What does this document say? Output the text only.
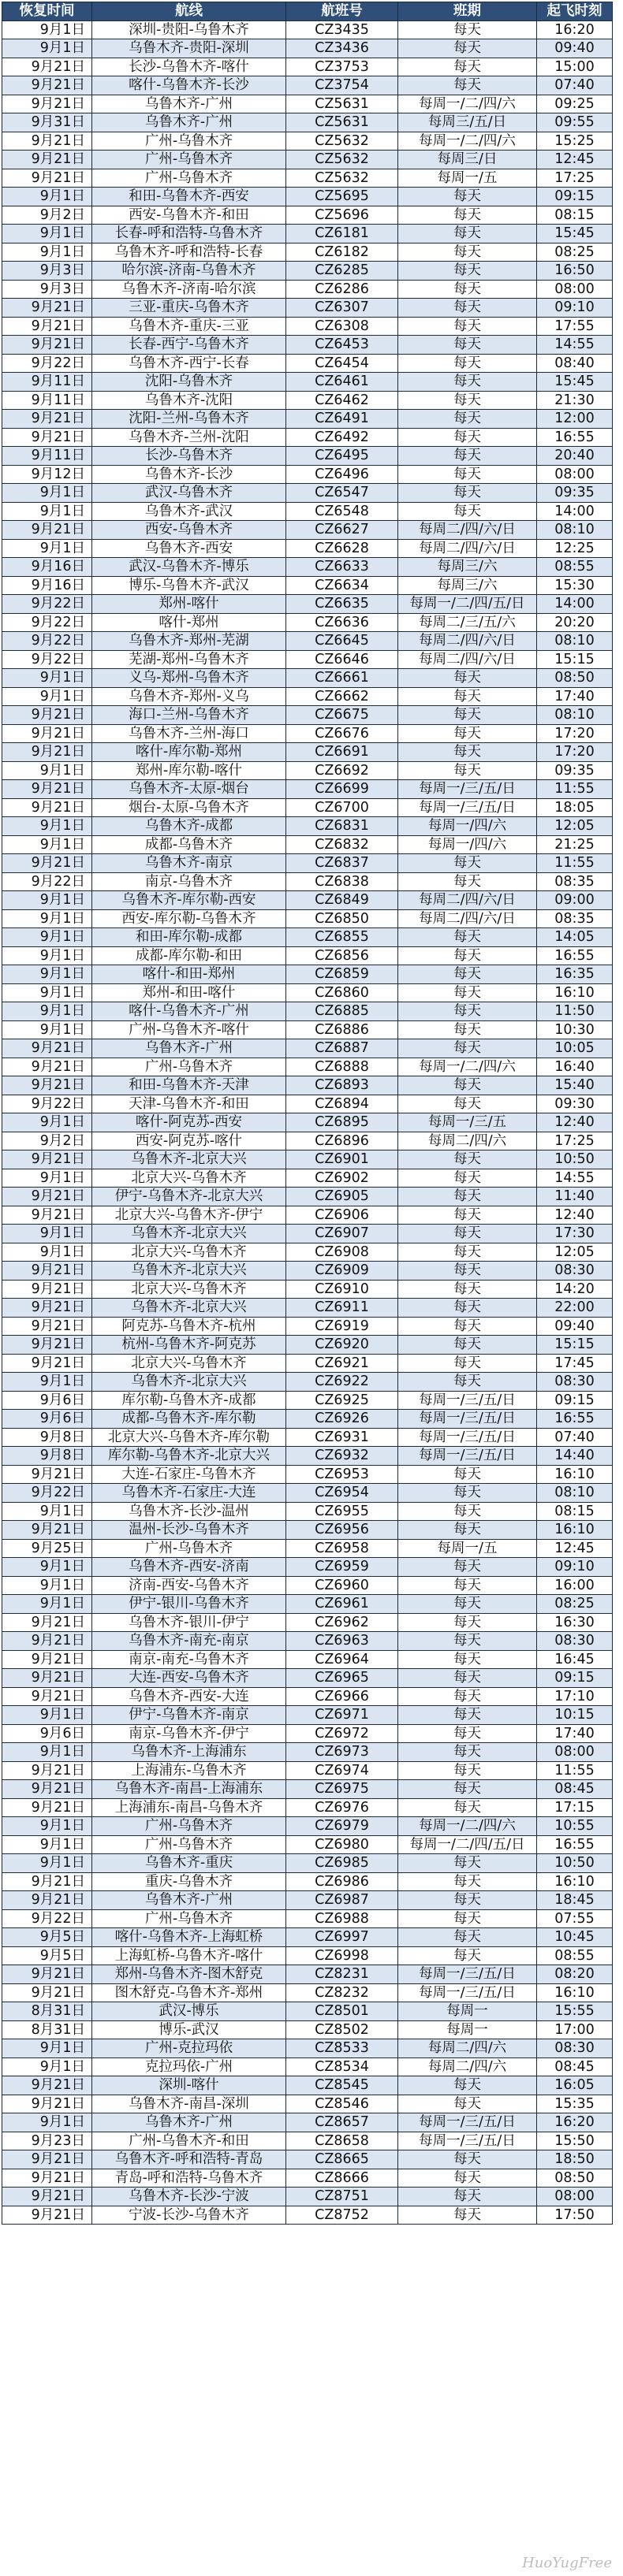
恢复时间	航线	航班号	班期	起飞时刻
9月1日	深圳-贵阳-乌鲁木齐	CZ3435	每天	16:20
9月1日	乌鲁木齐-贵阳-深圳	CZ3436	每天	09:40
9月21日	长沙-乌鲁木齐-喀什	CZ3753	每天	15:00
9月21日	喀什-乌鲁木齐-长沙	CZ3754	每天	07:40
9月21日	乌鲁木齐-广州	CZ5631	每周一/二/四/六	09:25
9月31日	乌鲁木齐-广州	CZ5631	每周三/五/日	09:55
9月21日	广州-乌鲁木齐	CZ5632	每周一/二/四/六	15:25
9月21日	广州-乌鲁木齐	CZ5632	每周三/日	12:45
9月21日	广州-乌鲁木齐	CZ5632	每周一/五	17:25
9月1日	和田-乌鲁木齐-西安	CZ5695	每天	09:15
9月2日	西安-乌鲁木齐-和田	CZ5696	每天	08:15
9月1日	长春-呼和浩特-乌鲁木齐	CZ6181	每天	15:45
9月1日	乌鲁木齐-呼和浩特-长春	CZ6182	每天	08:25
9月3日	哈尔滨-济南-乌鲁木齐	CZ6285	每天	16:50
9月3日	乌鲁木齐-济南-哈尔滨	CZ6286	每天	08:00
9月21日	三亚-重庆-乌鲁木齐	CZ6307	每天	09:10
9月21日	乌鲁木齐-重庆-三亚	CZ6308	每天	17:55
9月21日	长春-西宁-乌鲁木齐	CZ6453	每天	14:55
9月22日	乌鲁木齐-西宁-长春	CZ6454	每天	08:40
9月11日	沈阳-乌鲁木齐	CZ6461	每天	15:45
9月11日	乌鲁木齐-沈阳	CZ6462	每天	21:30
9月21日	沈阳-兰州-乌鲁木齐	CZ6491	每天	12:00
9月21日	乌鲁木齐-兰州-沈阳	CZ6492	每天	16:55
9月11日	长沙-乌鲁木齐	CZ6495	每天	20:40
9月12日	乌鲁木齐-长沙	CZ6496	每天	08:00
9月1日	武汉-乌鲁木齐	CZ6547	每天	09:35
9月1日	乌鲁木齐-武汉	CZ6548	每天	14:00
9月21日	西安-乌鲁木齐	CZ6627	每周二/四/六/日	08:10
9月1日	乌鲁木齐-西安	CZ6628	每周二/四/六/日	12:25
9月16日	武汉-乌鲁木齐-博乐	CZ6633	每周三/六	08:55
9月16日	博乐-乌鲁木齐-武汉	CZ6634	每周三/六	15:30
9月22日	郑州-喀什	CZ6635	每周一/二/四/五/日	14:00
9月22日	喀什-郑州	CZ6636	每周二/三/五/六	20:20
9月22日	乌鲁木齐-郑州-芜湖	CZ6645	每周二/四/六/日	08:10
9月22日	芜湖-郑州-乌鲁木齐	CZ6646	每周二/四/六/日	15:15
9月1日	义乌-郑州-乌鲁木齐	CZ6661	每天	08:50
9月1日	乌鲁木齐-郑州-义乌	CZ6662	每天	17:40
9月21日	海口-兰州-乌鲁木齐	CZ6675	每天	08:10
9月21日	乌鲁木齐-兰州-海口	CZ6676	每天	17:20
9月21日	喀什-库尔勒-郑州	CZ6691	每天	17:20
9月1日	郑州-库尔勒-喀什	CZ6692	每天	09:35
9月21日	乌鲁木齐-太原-烟台	CZ6699	每周一/三/五/日	11:55
9月21日	烟台-太原-乌鲁木齐	CZ6700	每周一/三/五/日	18:05
9月1日	乌鲁木齐-成都	CZ6831	每周一/四/六	12:05
9月1日	成都-乌鲁木齐	CZ6832	每周一/四/六	21:25
9月21日	乌鲁木齐-南京	CZ6837	每天	11:55
9月22日	南京-乌鲁木齐	CZ6838	每天	08:35
9月1日	乌鲁木齐-库尔勒-西安	CZ6849	每周二/四/六/日	09:00
9月1日	西安-库尔勒-乌鲁木齐	CZ6850	每周二/四/六/日	08:35
9月1日	和田-库尔勒-成都	CZ6855	每天	14:05
9月1日	成都-库尔勒-和田	CZ6856	每天	16:55
9月1日	喀什-和田-郑州	CZ6859	每天	16:35
9月1日	郑州-和田-喀什	CZ6860	每天	16:10
9月1日	喀什-乌鲁木齐-广州	CZ6885	每天	11:50
9月1日	广州-乌鲁木齐-喀什	CZ6886	每天	10:30
9月21日	乌鲁木齐-广州	CZ6887	每天	10:05
9月21日	广州-乌鲁木齐	CZ6888	每周一/二/四/六	16:40
9月21日	和田-乌鲁木齐-天津	CZ6893	每天	15:40
9月22日	天津-乌鲁木齐-和田	CZ6894	每天	09:30
9月1日	喀什-阿克苏-西安	CZ6895	每周一/三/五	12:40
9月2日	西安-阿克苏-喀什	CZ6896	每周二/四/六	17:25
9月21日	乌鲁木齐-北京大兴	CZ6901	每天	10:50
9月1日	北京大兴-乌鲁木齐	CZ6902	每天	14:55
9月21日	伊宁-乌鲁木齐-北京大兴	CZ6905	每天	11:40
9月21日	北京大兴-乌鲁木齐-伊宁	CZ6906	每天	12:40
9月1日	乌鲁木齐-北京大兴	CZ6907	每天	17:30
9月1日	北京大兴-乌鲁木齐	CZ6908	每天	12:05
9月21日	乌鲁木齐-北京大兴	CZ6909	每天	08:30
9月21日	北京大兴-乌鲁木齐	CZ6910	每天	14:20
9月21日	乌鲁木齐-北京大兴	CZ6911	每天	22:00
9月21日	阿克苏-乌鲁木齐-杭州	CZ6919	每天	09:40
9月21日	杭州-乌鲁木齐-阿克苏	CZ6920	每天	15:15
9月21日	北京大兴-乌鲁木齐	CZ6921	每天	17:45
9月1日	乌鲁木齐-北京大兴	CZ6922	每天	08:30
9月6日	库尔勒-乌鲁木齐-成都	CZ6925	每周一/三/五/日	09:15
9月6日	成都-乌鲁木齐-库尔勒	CZ6926	每周一/三/五/日	16:55
9月8日	北京大兴-乌鲁木齐-库尔勒	CZ6931	每周一/三/五/日	07:40
9月8日	库尔勒-乌鲁木齐-北京大兴	CZ6932	每周一/三/五/日	14:40
9月21日	大连-石家庄-乌鲁木齐	CZ6953	每天	16:10
9月22日	乌鲁木齐-石家庄-大连	CZ6954	每天	08:10
9月1日	乌鲁木齐-长沙-温州	CZ6955	每天	08:15
9月21日	温州-长沙-乌鲁木齐	CZ6956	每天	16:10
9月25日	广州-乌鲁木齐	CZ6958	每周一/五	12:45
9月1日	乌鲁木齐-西安-济南	CZ6959	每天	09:10
9月1日	济南-西安-乌鲁木齐	CZ6960	每天	16:00
9月1日	伊宁-银川-乌鲁木齐	CZ6961	每天	08:25
9月21日	乌鲁木齐-银川-伊宁	CZ6962	每天	16:30
9月21日	乌鲁木齐-南充-南京	CZ6963	每天	08:30
9月21日	南京-南充-乌鲁木齐	CZ6964	每天	16:45
9月21日	大连-西安-乌鲁木齐	CZ6965	每天	09:15
9月21日	乌鲁木齐-西安-大连	CZ6966	每天	17:10
9月1日	伊宁-乌鲁木齐-南京	CZ6971	每天	10:15
9月6日	南京-乌鲁木齐-伊宁	CZ6972	每天	17:40
9月1日	乌鲁木齐-上海浦东	CZ6973	每天	08:00
9月21日	上海浦东-乌鲁木齐	CZ6974	每天	11:55
9月21日	乌鲁木齐-南昌-上海浦东	CZ6975	每天	08:45
9月21日	上海浦东-南昌-乌鲁木齐	CZ6976	每天	17:15
9月1日	广州-乌鲁木齐	CZ6979	每周一/二/四/六	10:55
9月1日	广州-乌鲁木齐	CZ6980	每周一/二/四/五/日	16:55
9月1日	乌鲁木齐-重庆	CZ6985	每天	10:50
9月21日	重庆-乌鲁木齐	CZ6986	每天	16:10
9月21日	乌鲁木齐-广州	CZ6987	每天	18:45
9月22日	广州-乌鲁木齐	CZ6988	每天	07:55
9月5日	喀什-乌鲁木齐-上海虹桥	CZ6997	每天	10:45
9月5日	上海虹桥-乌鲁木齐-喀什	CZ6998	每天	08:55
9月21日	郑州-乌鲁木齐-图木舒克	CZ8231	每周一/三/五/日	08:20
9月21日	图木舒克-乌鲁木齐-郑州	CZ8232	每周一/三/五/日	16:10
8月31日	武汉-博乐	CZ8501	每周一	15:55
8月31日	博乐-武汉	CZ8502	每周一	17:00
9月1日	广州-克拉玛依	CZ8533	每周二/四/六	08:30
9月1日	克拉玛依-广州	CZ8534	每周二/四/六	08:45
9月21日	深圳-喀什	CZ8545	每天	16:05
9月21日	乌鲁木齐-南昌-深圳	CZ8546	每天	15:35
9月1日	乌鲁木齐-广州	CZ8657	每周一/三/五/日	16:20
9月23日	广州-乌鲁木齐-和田	CZ8658	每周一/三/五/日	15:50
9月21日	乌鲁木齐-呼和浩特-青岛	CZ8665	每天	18:50
9月21日	青岛-呼和浩特-乌鲁木齐	CZ8666	每天	08:50
9月21日	乌鲁木齐-长沙-宁波	CZ8751	每天	08:00
9月21日	宁波-长沙-乌鲁木齐	CZ8752	每天	17:50
HuoYugFree
